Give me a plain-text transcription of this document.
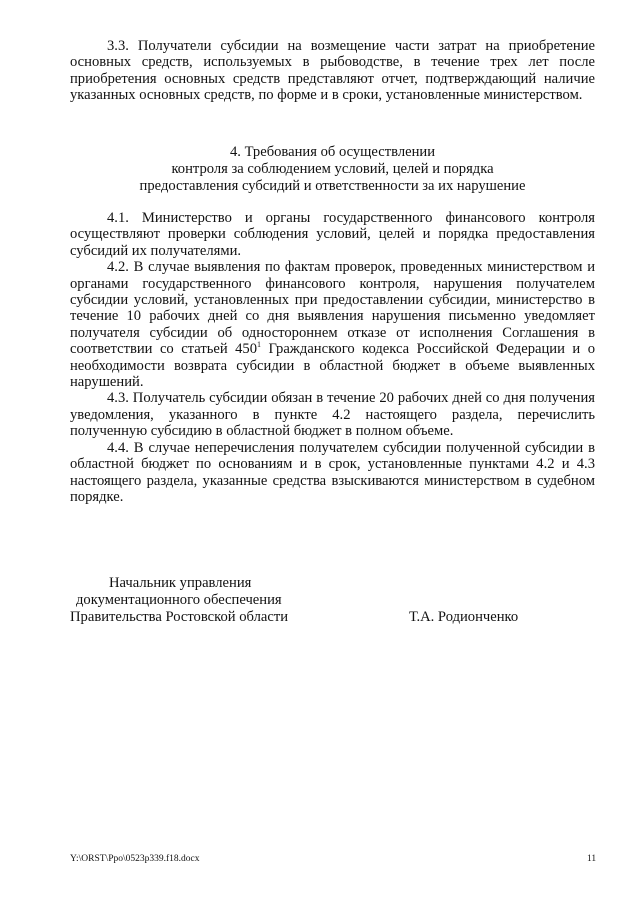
3.3. Получатели субсидии на возмещение части затрат на приобретение основных средств, используемых в рыбоводстве, в течение трех лет после приобретения основных средств представляют отчет, подтверждающий наличие указанных основных средств, по форме и в сроки, установленные министерством.

4. Требования об осуществлении
контроля за соблюдением условий, целей и порядка
предоставления субсидий и ответственности за их нарушение

4.1. Министерство и органы государственного финансового контроля осуществляют проверки соблюдения условий, целей и порядка предоставления субсидий их получателями.

4.2. В случае выявления по фактам проверок, проведенных министерством и органами государственного финансового контроля, нарушения получателем субсидии условий, установленных при предоставлении субсидии, министерство в течение 10 рабочих дней со дня выявления нарушения письменно уведомляет получателя субсидии об одностороннем отказе от исполнения Соглашения в соответствии со статьей $450^1$ Гражданского кодекса Российской Федерации и о необходимости возврата субсидии в областной бюджет в объеме выявленных нарушений.

4.3. Получатель субсидии обязан в течение 20 рабочих дней со дня получения уведомления, указанного в пункте 4.2 настоящего раздела, перечислить полученную субсидию в областной бюджет в полном объеме.

4.4. В случае неперечисления получателем субсидии полученной субсидии в областной бюджет по основаниям и в срок, установленные пунктами 4.2 и 4.3 настоящего раздела, указанные средства взыскиваются министерством в судебном порядке.

Начальник управления
документационного обеспечения
Правительства Ростовской области	Т.А. Родионченко
Y:\ORST\Ppo\0523p339.f18.docx	11
